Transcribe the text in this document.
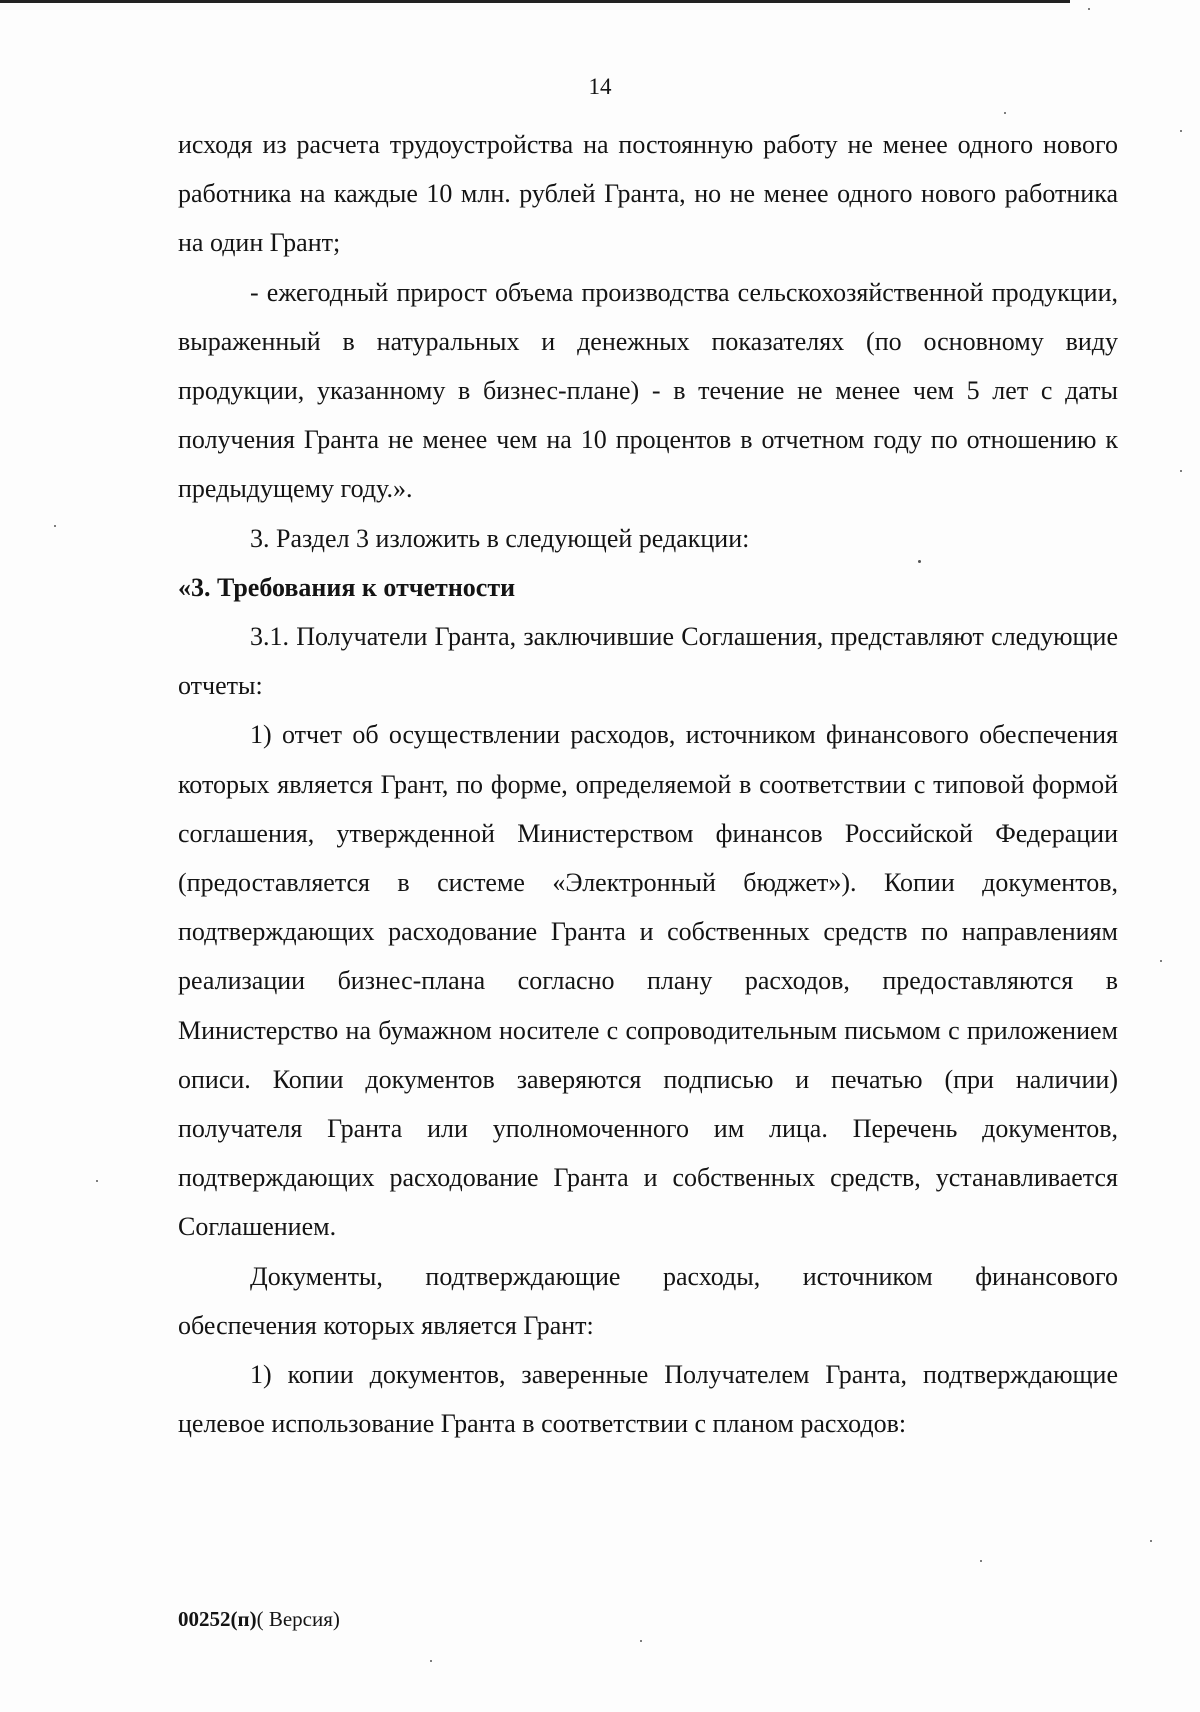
14

исходя из расчета трудоустройства на постоянную работу не менее одного нового работника на каждые 10 млн. рублей Гранта, но не менее одного нового работника на один Грант;

- ежегодный прирост объема производства сельскохозяйственной продукции, выраженный в натуральных и денежных показателях (по основному виду продукции, указанному в бизнес-плане) - в течение не менее чем 5 лет с даты получения Гранта не менее чем на 10 процентов в отчетном году по отношению к предыдущему году.».

3. Раздел 3 изложить в следующей редакции:

«3. Требования к отчетности

3.1. Получатели Гранта, заключившие Соглашения, представляют следующие отчеты:

1) отчет об осуществлении расходов, источником финансового обеспечения которых является Грант, по форме, определяемой в соответствии с типовой формой соглашения, утвержденной Министерством финансов Российской Федерации (предоставляется в системе «Электронный бюджет»). Копии документов, подтверждающих расходование Гранта и собственных средств по направлениям реализации бизнес-плана согласно плану расходов, предоставляются в Министерство на бумажном носителе с сопроводительным письмом с приложением описи. Копии документов заверяются подписью и печатью (при наличии) получателя Гранта или уполномоченного им лица. Перечень документов, подтверждающих расходование Гранта и собственных средств, устанавливается Соглашением.

Документы, подтверждающие расходы, источником финансового обеспечения которых является Грант:

1) копии документов, заверенные Получателем Гранта, подтверждающие целевое использование Гранта в соответствии с планом расходов:

00252(п)( Версия)
